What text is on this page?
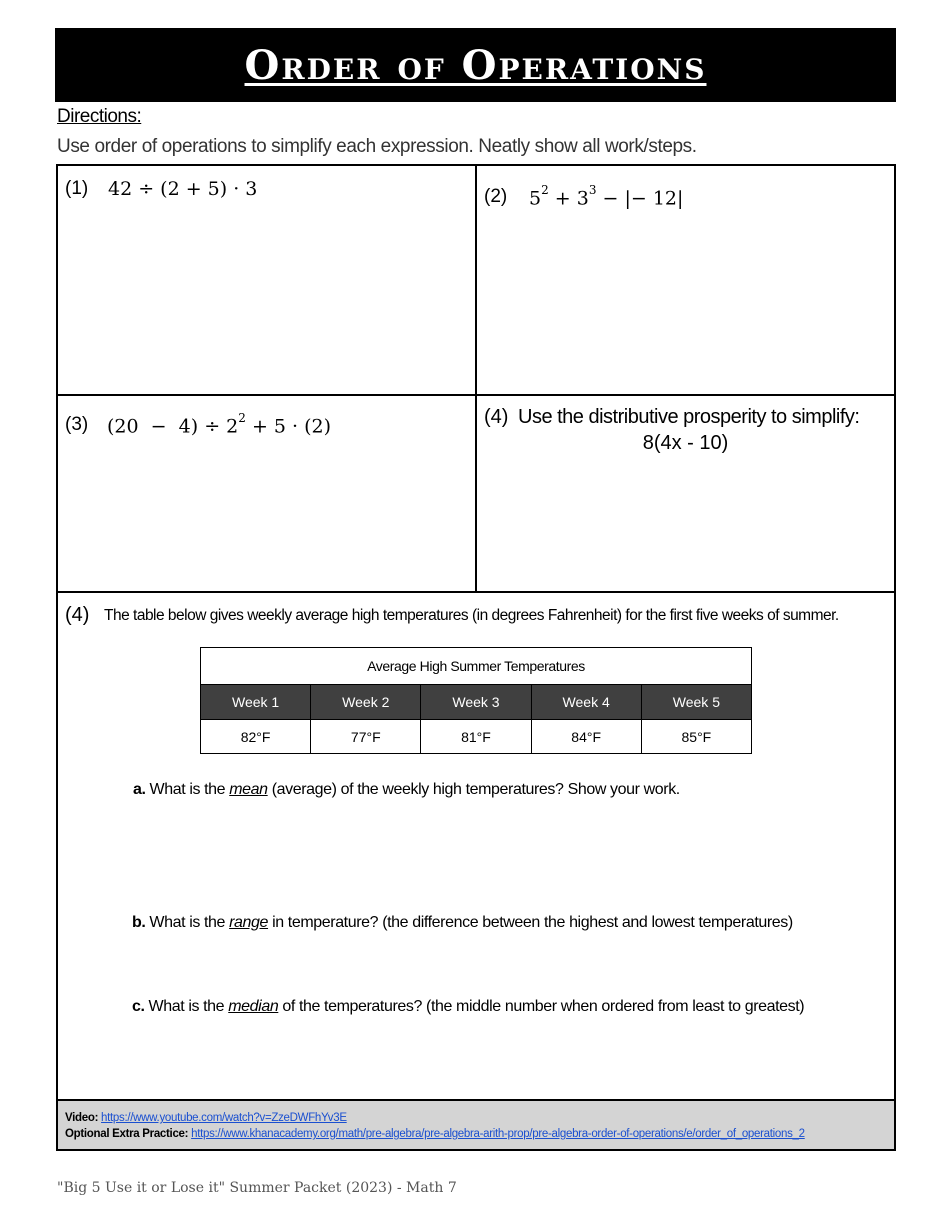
Order of Operations
Directions:
Use order of operations to simplify each expression. Neatly show all work/steps.
(1) 42 ÷ (2 + 5) · 3	(2) $5^2 + 3^3$ − |− 12|
(3) $(20 - 4) \div 2^2 + 5 \cdot (2)$	(4) Use the distributive prosperity to simplify:
8(4x - 10)
(4) The table below gives weekly average high temperatures (in degrees Fahrenheit) for the first five weeks of summer.
Average High Summer Temperatures				
Week 1	Week 2	Week 3	Week 4	Week 5
82°F	77°F	81°F	84°F	85°F
a. What is the mean (average) of the weekly high temperatures? Show your work.
b. What is the range in temperature? (the difference between the highest and lowest temperatures)
c. What is the median of the temperatures? (the middle number when ordered from least to greatest)
Video: https://www.youtube.com/watch?v=ZzeDWFhYv3E
Optional Extra Practice: https://www.khanacademy.org/math/pre-algebra/pre-algebra-arith-prop/pre-algebra-order-of-operations/e/order_of_operations_2
"Big 5 Use it or Lose it" Summer Packet (2023) - Math 7
